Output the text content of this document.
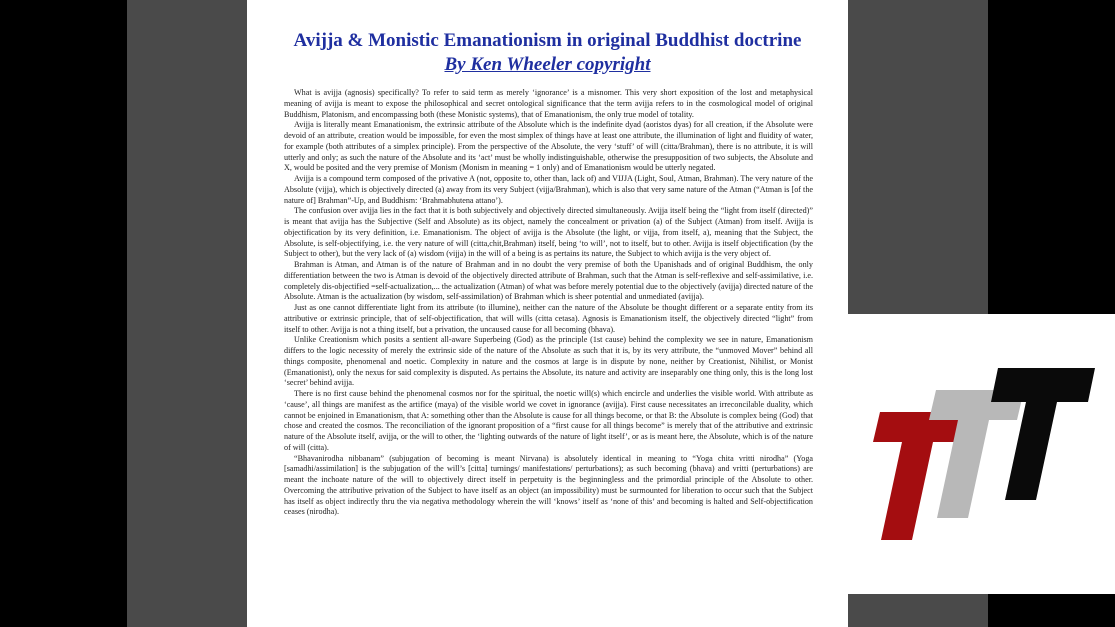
Avijja & Monistic Emanationism in original Buddhist doctrine
By Ken Wheeler copyright

What is avijja (agnosis) specifically? To refer to said term as merely ‘ignorance’ is a misnomer. This very short exposition of the lost and metaphysical meaning of avijja is meant to expose the philosophical and secret ontological significance that the term avijja refers to in the cosmological model of original Buddhism, Platonism, and encompassing both (these Monistic systems), that of Emanationism, the only true model of totality.

Avijja is literally meant Emanationism, the extrinsic attribute of the Absolute which is the indefinite dyad (aoristos dyas) for all creation, if the Absolute were devoid of an attribute, creation would be impossible, for even the most simplex of things have at least one attribute, the illumination of light and fluidity of water, for example (both attributes of a simplex principle). From the perspective of the Absolute, the very ‘stuff’ of will (citta/Brahman), there is no attribute, it is will utterly and only; as such the nature of the Absolute and its ‘act’ must be wholly indistinguishable, otherwise the presupposition of two subjects, the Absolute and X, would be posited and the very premise of Monism (Monism in meaning = 1 only) and of Emanationism would be utterly negated.

Avijja is a compound term composed of the privative A (not, opposite to, other than, lack of) and VIJJA (Light, Soul, Atman, Brahman). The very nature of the Absolute (vijja), which is objectively directed (a) away from its very Subject (vijja/Brahman), which is also that very same nature of the Atman (“Atman is [of the nature of] Brahman”-Up, and Buddhism: ‘Brahmabhutena attano’).

The confusion over avijja lies in the fact that it is both subjectively and objectively directed simultaneously. Avijja itself being the “light from itself (directed)” is meant that avijja has the Subjective (Self and Absolute) as its object, namely the concealment or privation (a) of the Subject (Atman) from itself. Avijja is objectification by its very definition, i.e. Emanationism. The object of avijja is the Absolute (the light, or vijja, from itself, a), meaning that the Subject, the Absolute, is self-objectifying, i.e. the very nature of will (citta,chit,Brahman) itself, being ‘to will’, not to itself, but to other. Avijja is itself objectification (by the Subject to other), but the very lack of (a) wisdom (vijja) in the will of a being is as pertains its nature, the Subject to which avijja is the very object of.

Brahman is Atman, and Atman is of the nature of Brahman and in no doubt the very premise of both the Upanishads and of original Buddhism, the only differentiation between the two is Atman is devoid of the objectively directed attribute of Brahman, such that the Atman is self-reflexive and self-assimilative, i.e. completely dis-objectified =self-actualization,... the actualization (Atman) of what was before merely potential due to the objectively (avijja) directed nature of the Absolute. Atman is the actualization (by wisdom, self-assimilation) of Brahman which is sheer potential and unmediated (avijja).

Just as one cannot differentiate light from its attribute (to illumine), neither can the nature of the Absolute be thought different or a separate entity from its attributive or extrinsic principle, that of self-objectification, that will wills (citta cetasa). Agnosis is Emanationism itself, the objectively directed “light” from itself to other. Avijja is not a thing itself, but a privation, the uncaused cause for all becoming (bhava).

Unlike Creationism which posits a sentient all-aware Superbeing (God) as the principle (1st cause) behind the complexity we see in nature, Emanationism differs to the logic necessity of merely the extrinsic side of the nature of the Absolute as such that it is, by its very attribute, the “unmoved Mover” behind all things composite, phenomenal and noetic. Complexity in nature and the cosmos at large is in dispute by none, neither by Creationist, Nihilist, or Monist (Emanationist), only the nexus for said complexity is disputed. As pertains the Absolute, its nature and activity are inseparably one thing only, this is the long lost ‘secret’ behind avijja.

There is no first cause behind the phenomenal cosmos nor for the spiritual, the noetic will(s) which encircle and underlies the visible world. With attribute as ‘cause’, all things are manifest as the artifice (maya) of the visible world we covet in ignorance (avijja). First cause necessitates an irreconcilable duality, which cannot be enjoined in Emanationism, that A: something other than the Absolute is cause for all things become, or that B: the Absolute is complex being (God) that chose and created the cosmos. The reconciliation of the ignorant proposition of a “first cause for all things become” is merely that of the attributive and extrinsic nature of the Absolute itself, avijja, or the will to other, the ‘lighting outwards of the nature of light itself’, or as is meant here, the Absolute, which is of the nature of will (citta).

“Bhavanirodha nibbanam” (subjugation of becoming is meant Nirvana) is absolutely identical in meaning to “Yoga chita vritti nirodha” (Yoga [samadhi/assimilation] is the subjugation of the will’s [citta] turnings/ manifestations/ perturbations); as such becoming (bhava) and vritti (perturbations) are meant the inchoate nature of the will to objectively direct itself in perpetuity is the beginningless and the primordial principle of the Absolute to other. Overcoming the attributive privation of the Subject to have itself as an object (an impossibility) must be surmounted for liberation to occur such that the Subject has itself as object indirectly thru the via negativa methodology wherein the will ‘knows’ itself as ‘none of this’ and becoming is halted and Self-objectification ceases (nirodha).
